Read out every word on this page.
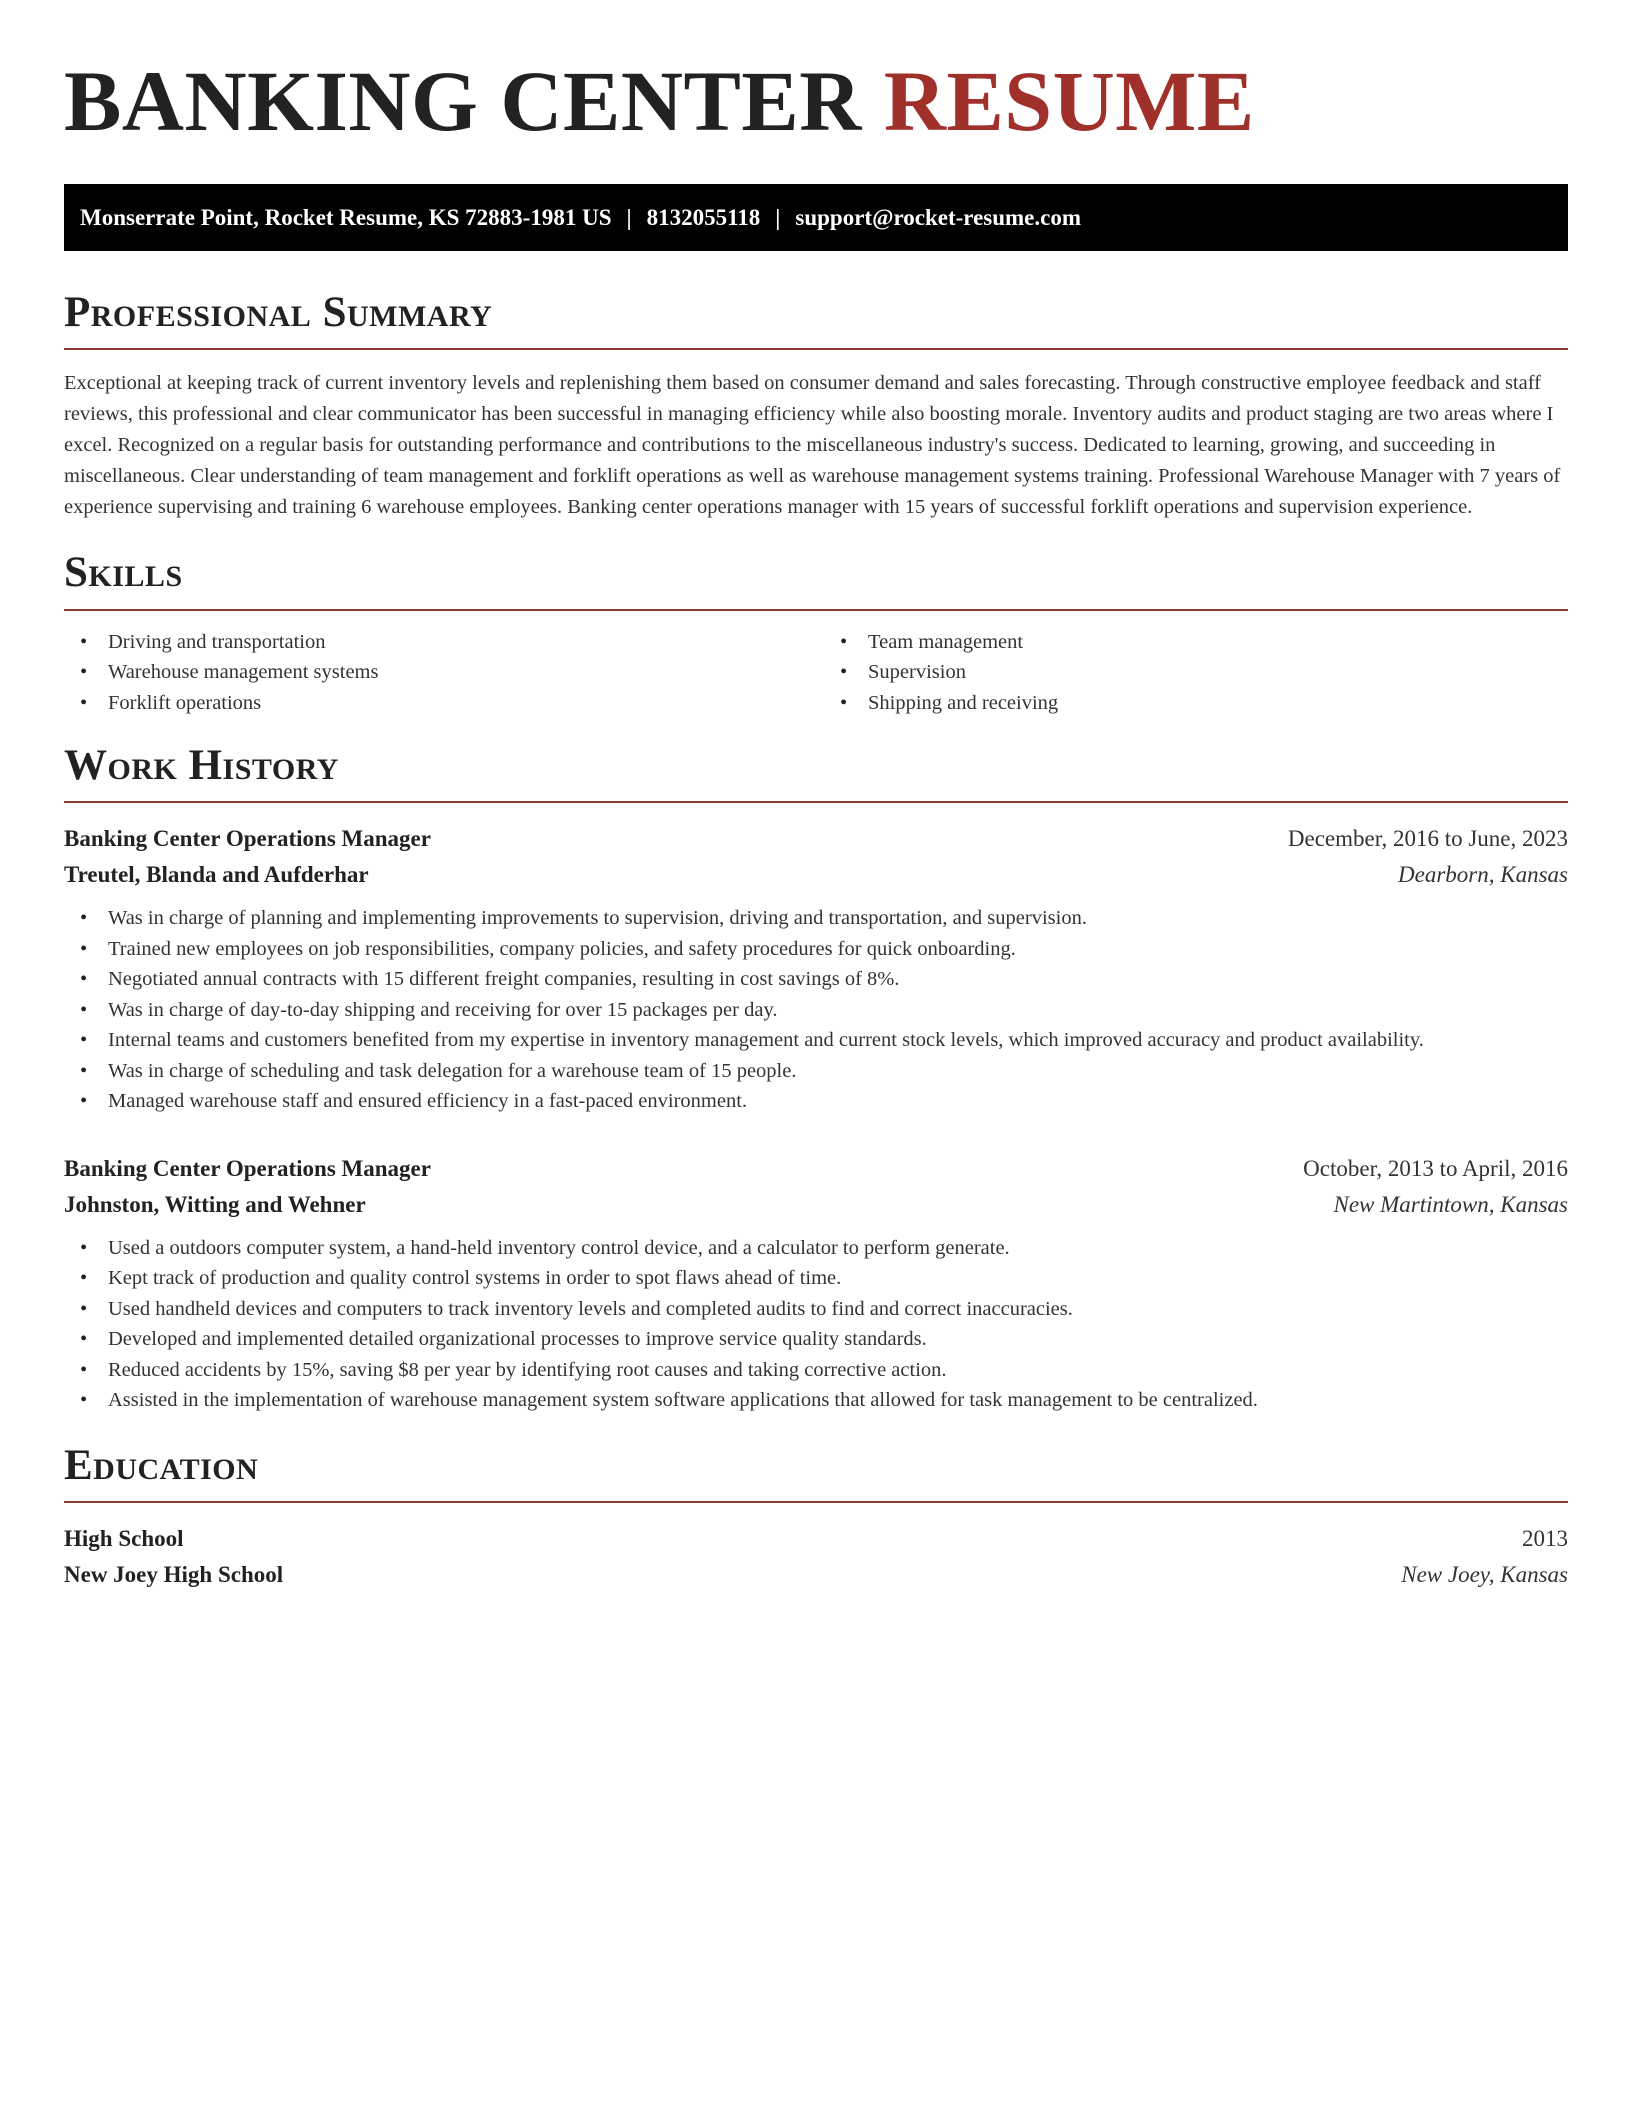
BANKING CENTER RESUME
Monserrate Point, Rocket Resume, KS 72883-1981 US | 8132055118 | support@rocket-resume.com
Professional Summary

Exceptional at keeping track of current inventory levels and replenishing them based on consumer demand and sales forecasting. Through constructive employee feedback and staff reviews, this professional and clear communicator has been successful in managing efficiency while also boosting morale. Inventory audits and product staging are two areas where I excel. Recognized on a regular basis for outstanding performance and contributions to the miscellaneous industry's success. Dedicated to learning, growing, and succeeding in miscellaneous. Clear understanding of team management and forklift operations as well as warehouse management systems training. Professional Warehouse Manager with 7 years of experience supervising and training 6 warehouse employees. Banking center operations manager with 15 years of successful forklift operations and supervision experience.

Skills
• Driving and transportation
• Warehouse management systems
• Forklift operations
• Team management
• Supervision
• Shipping and receiving
Work History
Banking Center Operations Manager	December, 2016 to June, 2023
Treutel, Blanda and Aufderhar	Dearborn, Kansas
• Was in charge of planning and implementing improvements to supervision, driving and transportation, and supervision.
• Trained new employees on job responsibilities, company policies, and safety procedures for quick onboarding.
• Negotiated annual contracts with 15 different freight companies, resulting in cost savings of 8%.
• Was in charge of day-to-day shipping and receiving for over 15 packages per day.
• Internal teams and customers benefited from my expertise in inventory management and current stock levels, which improved accuracy and product availability.
• Was in charge of scheduling and task delegation for a warehouse team of 15 people.
• Managed warehouse staff and ensured efficiency in a fast-paced environment.
Banking Center Operations Manager	October, 2013 to April, 2016
Johnston, Witting and Wehner	New Martintown, Kansas
• Used a outdoors computer system, a hand-held inventory control device, and a calculator to perform generate.
• Kept track of production and quality control systems in order to spot flaws ahead of time.
• Used handheld devices and computers to track inventory levels and completed audits to find and correct inaccuracies.
• Developed and implemented detailed organizational processes to improve service quality standards.
• Reduced accidents by 15%, saving $8 per year by identifying root causes and taking corrective action.
• Assisted in the implementation of warehouse management system software applications that allowed for task management to be centralized.
Education
High School	2013
New Joey High School	New Joey, Kansas
